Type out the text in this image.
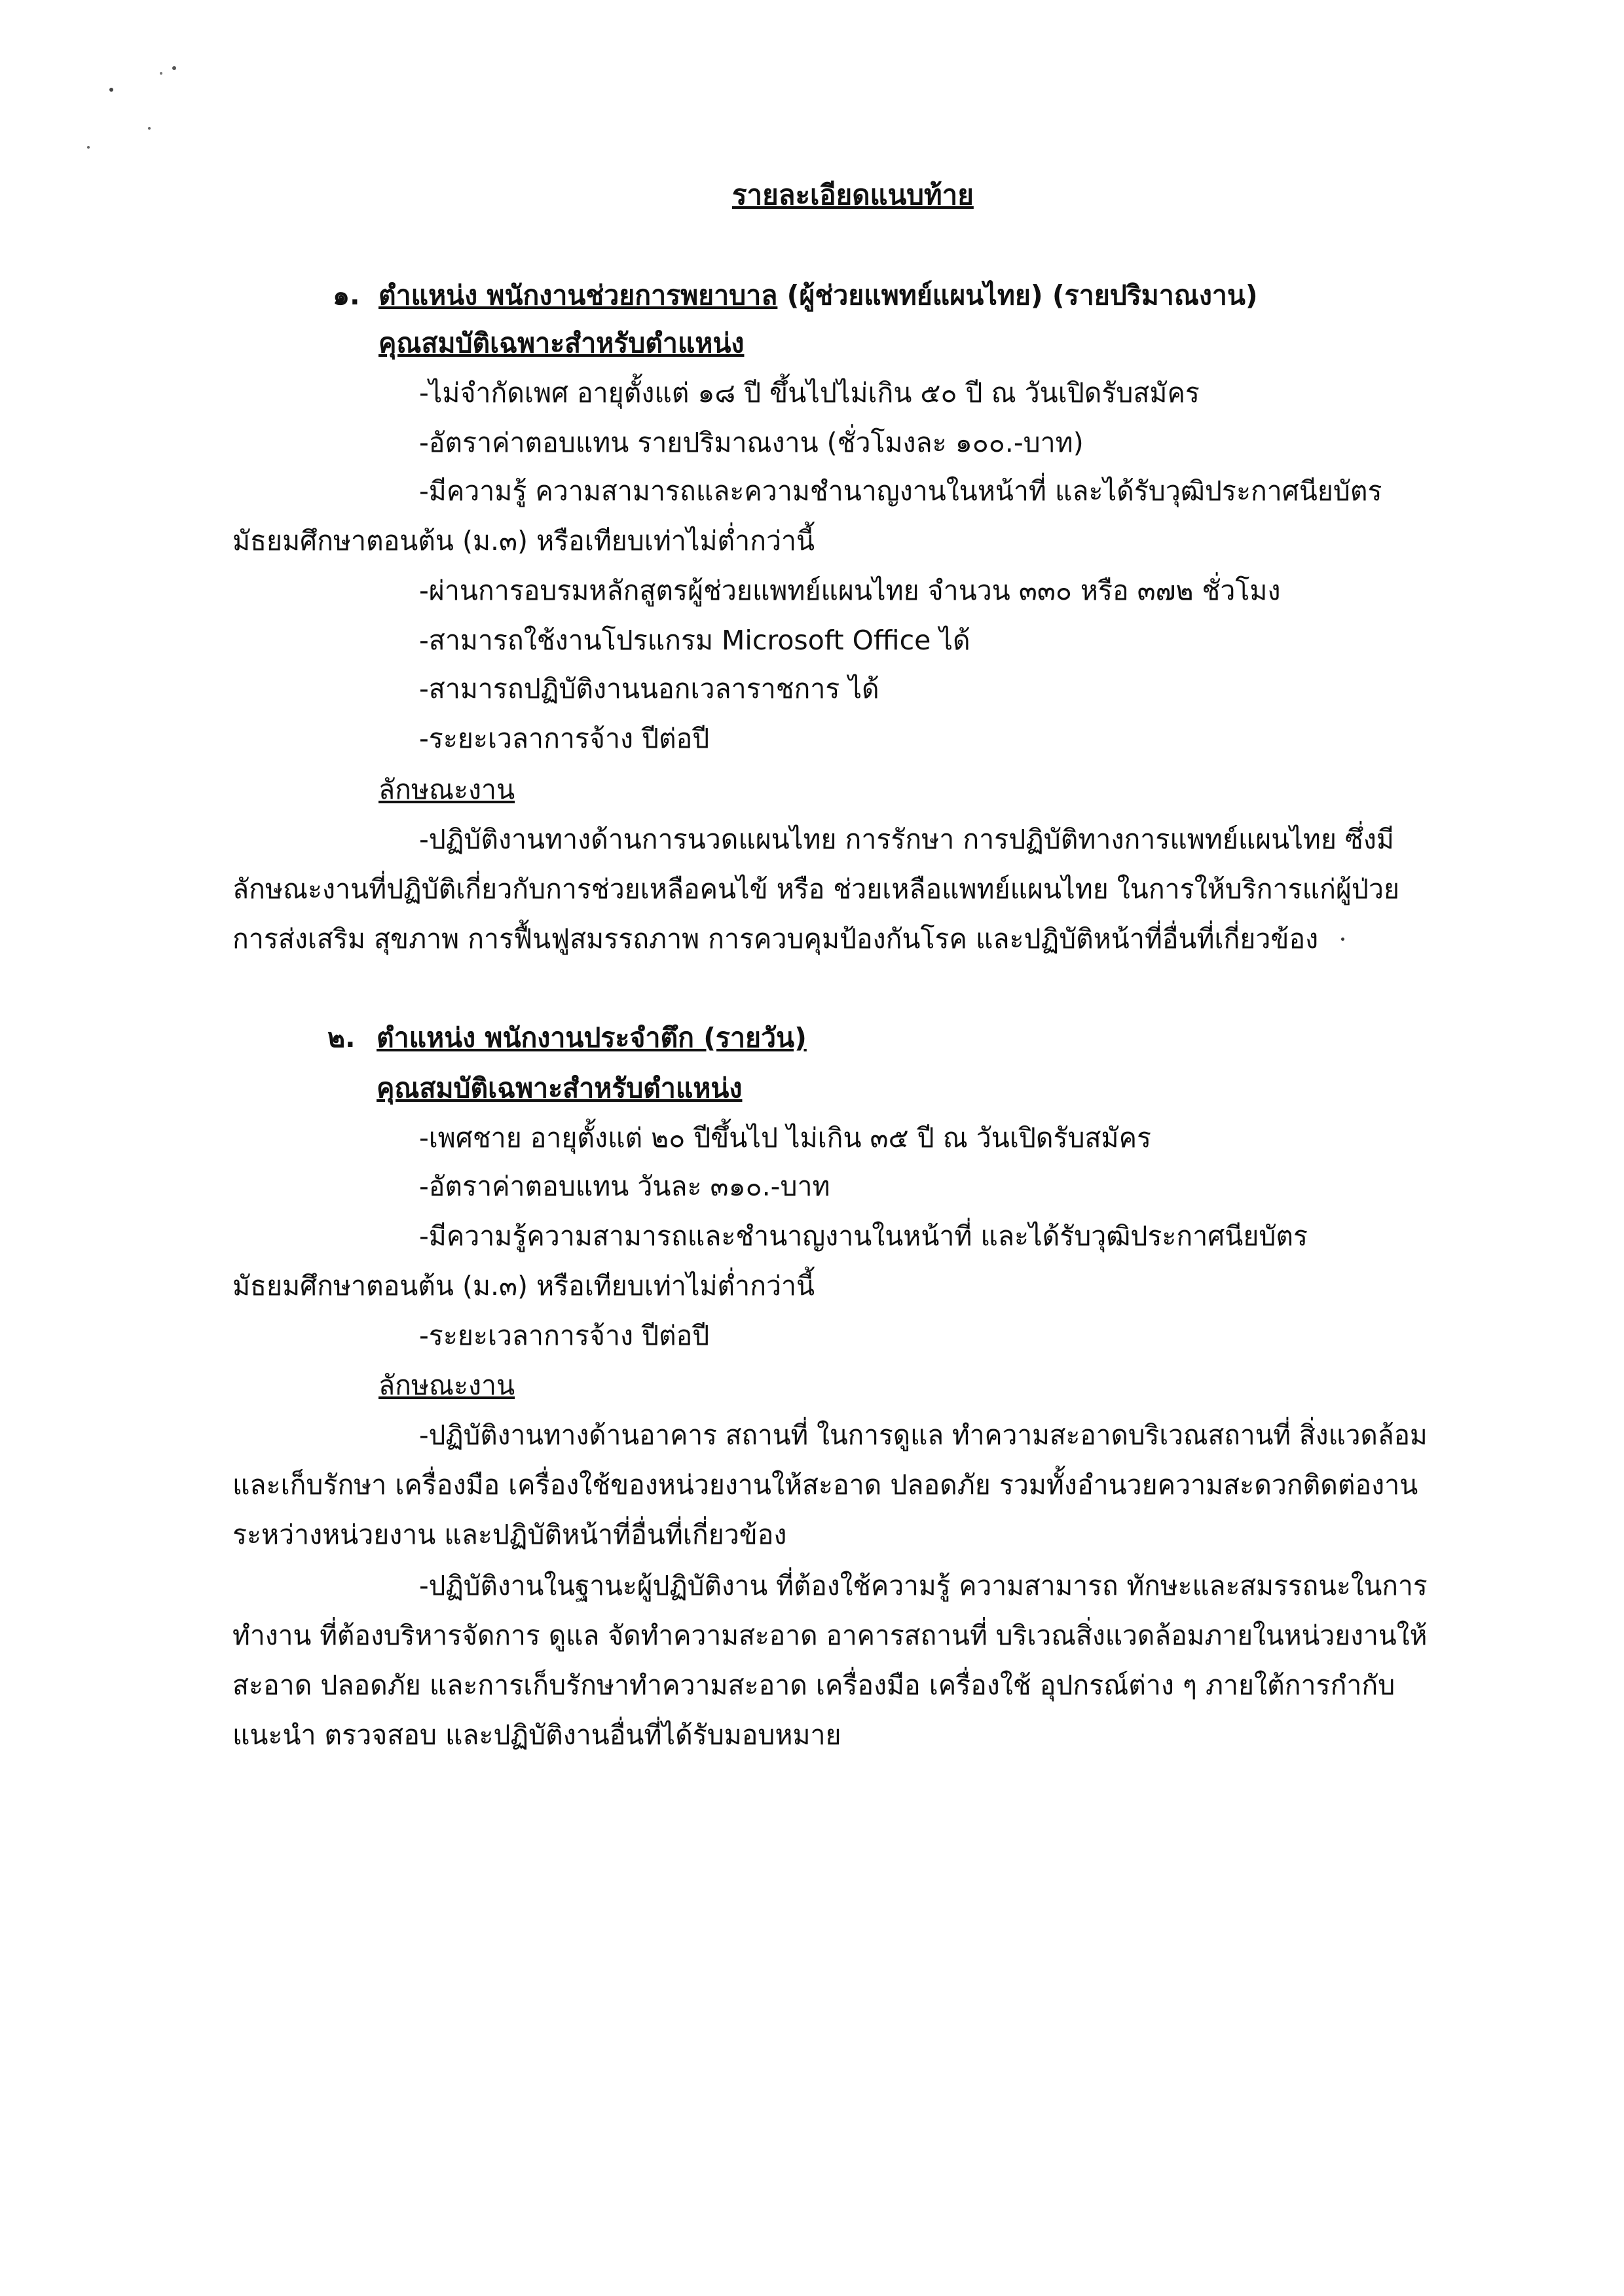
รายละเอียดแนบท้าย
๑. ตำแหน่ง พนักงานช่วยการพยาบาล (ผู้ช่วยแพทย์แผนไทย) (รายปริมาณงาน)
คุณสมบัติเฉพาะสำหรับตำแหน่ง
-ไม่จำกัดเพศ อายุตั้งแต่ ๑๘ ปี ขึ้นไปไม่เกิน ๕๐ ปี ณ วันเปิดรับสมัคร
-อัตราค่าตอบแทน รายปริมาณงาน (ชั่วโมงละ ๑๐๐.-บาท)
-มีความรู้ ความสามารถและความชำนาญงานในหน้าที่ และได้รับวุฒิประกาศนียบัตร
มัธยมศึกษาตอนต้น (ม.๓) หรือเทียบเท่าไม่ต่ำกว่านี้
-ผ่านการอบรมหลักสูตรผู้ช่วยแพทย์แผนไทย จำนวน ๓๓๐ หรือ ๓๗๒ ชั่วโมง
-สามารถใช้งานโปรแกรม Microsoft Office ได้
-สามารถปฏิบัติงานนอกเวลาราชการ ได้
-ระยะเวลาการจ้าง ปีต่อปี
ลักษณะงาน
-ปฏิบัติงานทางด้านการนวดแผนไทย การรักษา การปฏิบัติทางการแพทย์แผนไทย ซึ่งมี
ลักษณะงานที่ปฏิบัติเกี่ยวกับการช่วยเหลือคนไข้ หรือ ช่วยเหลือแพทย์แผนไทย ในการให้บริการแก่ผู้ป่วย
การส่งเสริม สุขภาพ การฟื้นฟูสมรรถภาพ การควบคุมป้องกันโรค และปฏิบัติหน้าที่อื่นที่เกี่ยวข้อง
๒. ตำแหน่ง พนักงานประจำตึก (รายวัน)
คุณสมบัติเฉพาะสำหรับตำแหน่ง
-เพศชาย อายุตั้งแต่ ๒๐ ปีขึ้นไป ไม่เกิน ๓๕ ปี ณ วันเปิดรับสมัคร
-อัตราค่าตอบแทน วันละ ๓๑๐.-บาท
-มีความรู้ความสามารถและชำนาญงานในหน้าที่ และได้รับวุฒิประกาศนียบัตร
มัธยมศึกษาตอนต้น (ม.๓) หรือเทียบเท่าไม่ต่ำกว่านี้
-ระยะเวลาการจ้าง ปีต่อปี
ลักษณะงาน
-ปฏิบัติงานทางด้านอาคาร สถานที่ ในการดูแล ทำความสะอาดบริเวณสถานที่ สิ่งแวดล้อม
และเก็บรักษา เครื่องมือ เครื่องใช้ของหน่วยงานให้สะอาด ปลอดภัย รวมทั้งอำนวยความสะดวกติดต่องาน
ระหว่างหน่วยงาน และปฏิบัติหน้าที่อื่นที่เกี่ยวข้อง
-ปฏิบัติงานในฐานะผู้ปฏิบัติงาน ที่ต้องใช้ความรู้ ความสามารถ ทักษะและสมรรถนะในการ
ทำงาน ที่ต้องบริหารจัดการ ดูแล จัดทำความสะอาด อาคารสถานที่ บริเวณสิ่งแวดล้อมภายในหน่วยงานให้
สะอาด ปลอดภัย และการเก็บรักษาทำความสะอาด เครื่องมือ เครื่องใช้ อุปกรณ์ต่าง ๆ ภายใต้การกำกับ
แนะนำ ตรวจสอบ และปฏิบัติงานอื่นที่ได้รับมอบหมาย
